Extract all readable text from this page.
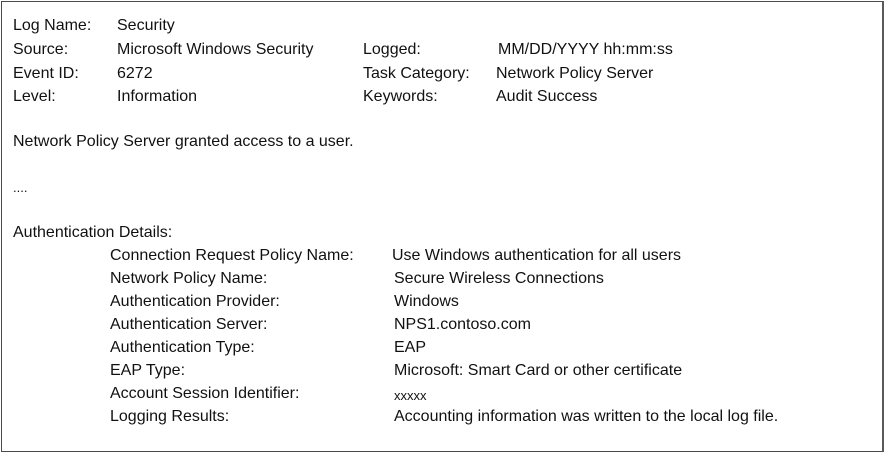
Log Name: Security
Source:	Microsoft Windows Security	Logged:	MM/DD/YYYY hh:mm:ss
Event ID: 6272	Task Category: Network Policy Server
Level:	Information	Keywords:	Audit Success
Network Policy Server granted access to a user.
....
Authentication Details:
Connection Request Policy Name: Use Windows authentication for all users
Network Policy Name:	Secure Wireless Connections
Authentication Provider:	Windows
Authentication Server:	NPS1.contoso.com
Authentication Type:	EAP
EAP Type:	Microsoft: Smart Card or other certificate
Account Session Identifier:	xxxxx
Logging Results:	Accounting information was written to the local log file.
